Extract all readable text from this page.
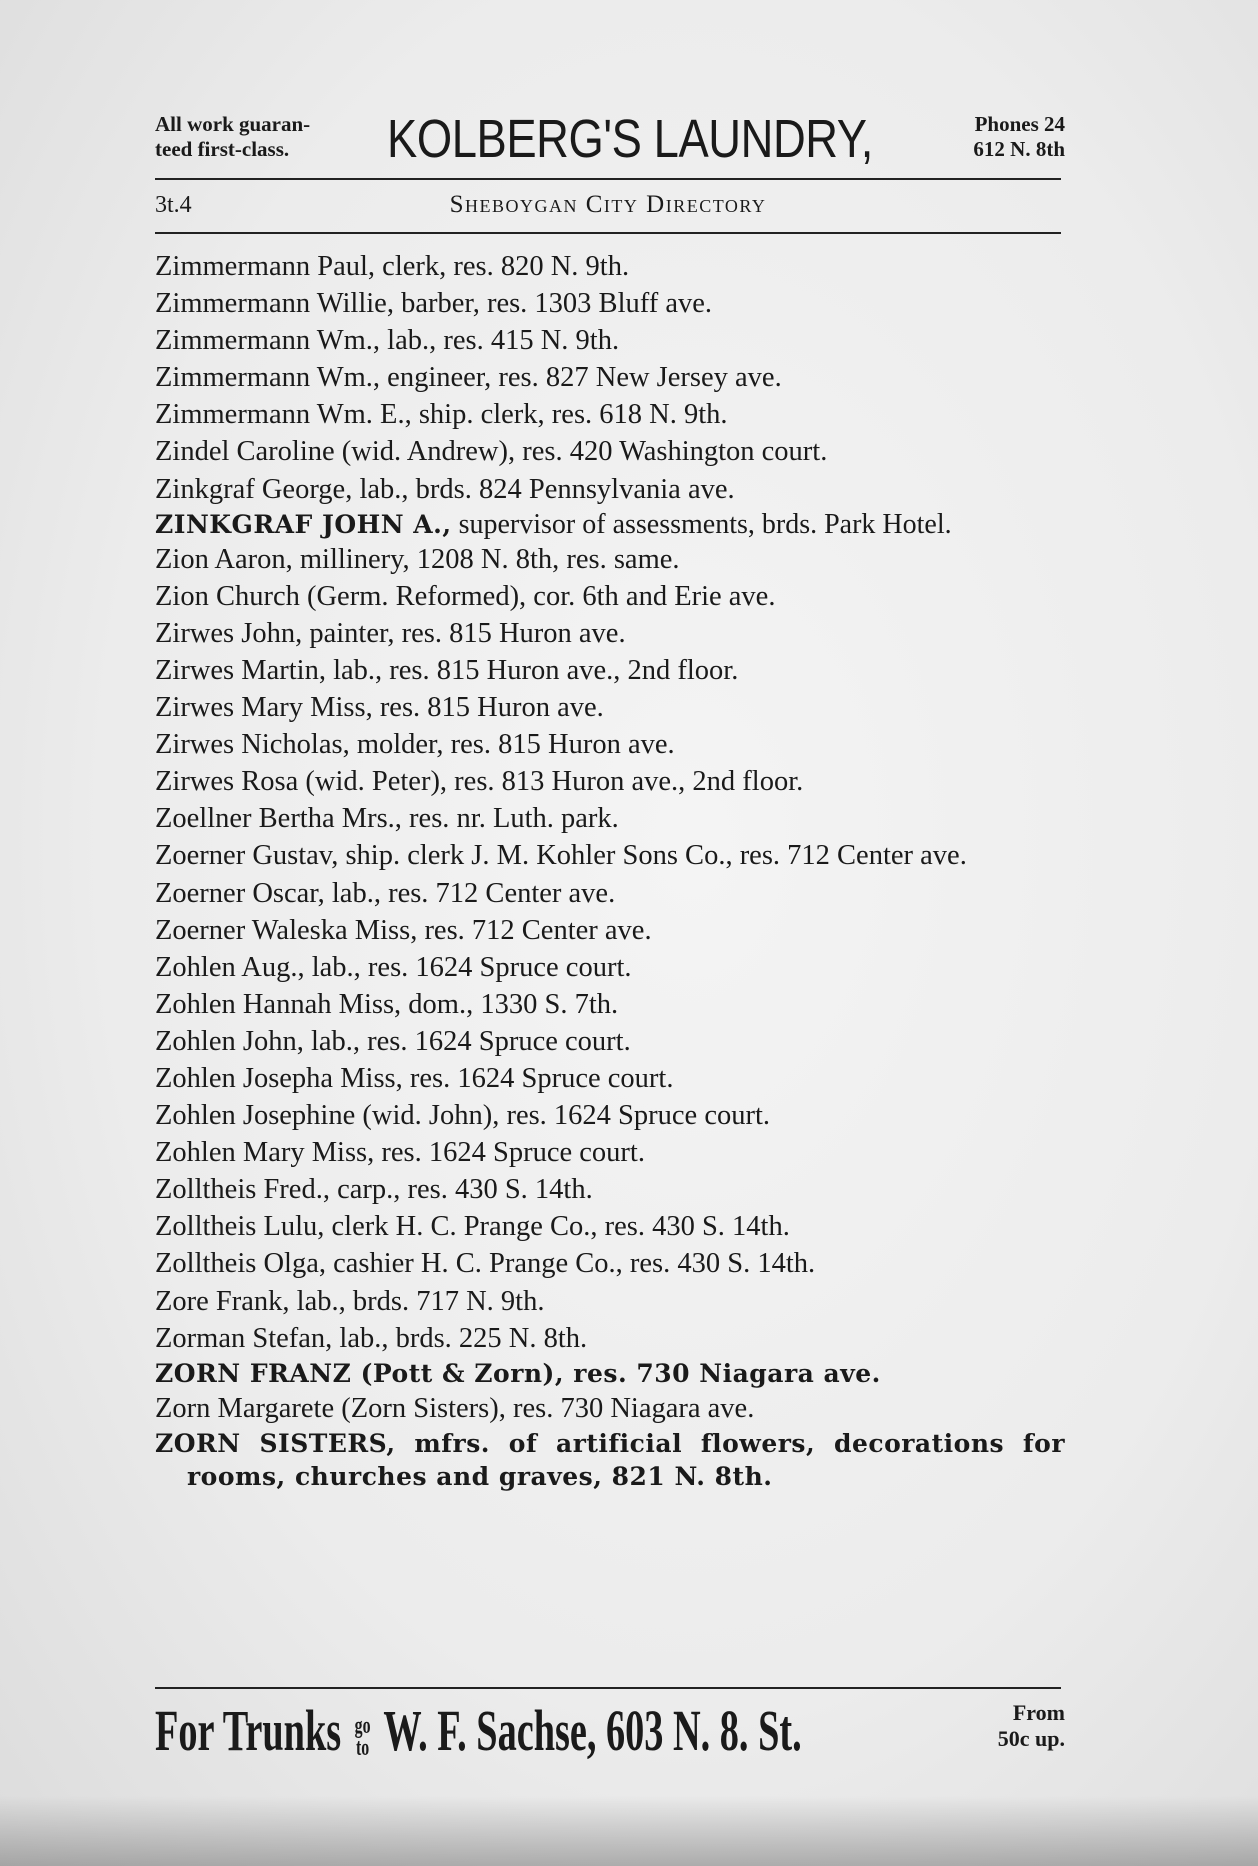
All work guaran-
teed first-class.	KOLBERG'S LAUNDRY,	Phones 24
612 N. 8th
3t.4	Sheboygan City Directory
Zimmermann Paul, clerk, res. 820 N. 9th.
Zimmermann Willie, barber, res. 1303 Bluff ave.
Zimmermann Wm., lab., res. 415 N. 9th.
Zimmermann Wm., engineer, res. 827 New Jersey ave.
Zimmermann Wm. E., ship. clerk, res. 618 N. 9th.
Zindel Caroline (wid. Andrew), res. 420 Washington court.
Zinkgraf George, lab., brds. 824 Pennsylvania ave.
ZINKGRAF JOHN A., supervisor of assessments, brds. Park Hotel.
Zion Aaron, millinery, 1208 N. 8th, res. same.
Zion Church (Germ. Reformed), cor. 6th and Erie ave.
Zirwes John, painter, res. 815 Huron ave.
Zirwes Martin, lab., res. 815 Huron ave., 2nd floor.
Zirwes Mary Miss, res. 815 Huron ave.
Zirwes Nicholas, molder, res. 815 Huron ave.
Zirwes Rosa (wid. Peter), res. 813 Huron ave., 2nd floor.
Zoellner Bertha Mrs., res. nr. Luth. park.
Zoerner Gustav, ship. clerk J. M. Kohler Sons Co., res. 712 Center ave.
Zoerner Oscar, lab., res. 712 Center ave.
Zoerner Waleska Miss, res. 712 Center ave.
Zohlen Aug., lab., res. 1624 Spruce court.
Zohlen Hannah Miss, dom., 1330 S. 7th.
Zohlen John, lab., res. 1624 Spruce court.
Zohlen Josepha Miss, res. 1624 Spruce court.
Zohlen Josephine (wid. John), res. 1624 Spruce court.
Zohlen Mary Miss, res. 1624 Spruce court.
Zolltheis Fred., carp., res. 430 S. 14th.
Zolltheis Lulu, clerk H. C. Prange Co., res. 430 S. 14th.
Zolltheis Olga, cashier H. C. Prange Co., res. 430 S. 14th.
Zore Frank, lab., brds. 717 N. 9th.
Zorman Stefan, lab., brds. 225 N. 8th.
ZORN FRANZ (Pott & Zorn), res. 730 Niagara ave.
Zorn Margarete (Zorn Sisters), res. 730 Niagara ave.
ZORN SISTERS, mfrs. of artificial flowers, decorations for rooms, churches and graves, 821 N. 8th.
For Trunks go
to W. F. Sachse, 603 N. 8. St.	From
50c up.
